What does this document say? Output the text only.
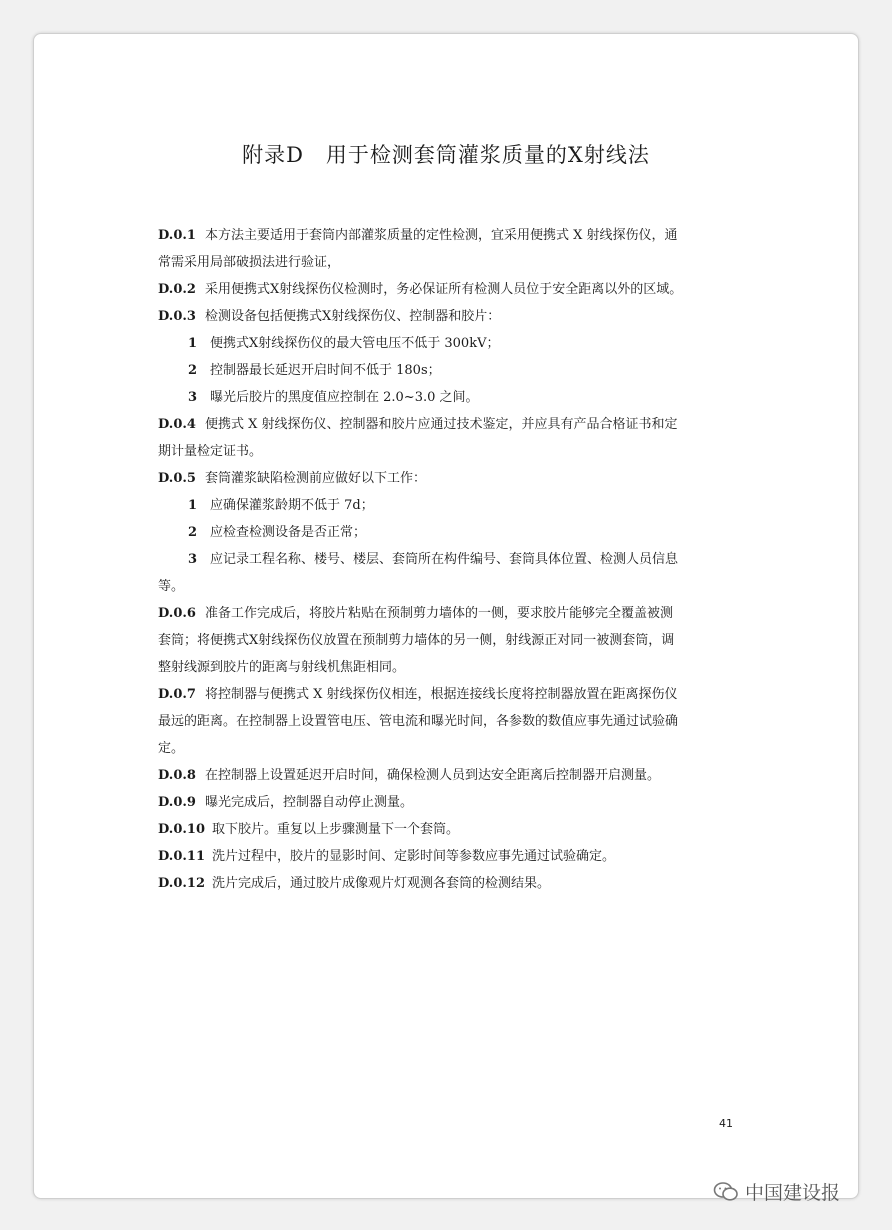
附录D　用于检测套筒灌浆质量的X射线法

D.0.1 本方法主要适用于套筒内部灌浆质量的定性检测，宜采用便携式 X 射线探伤仪，通

常需采用局部破损法进行验证，

D.0.2 采用便携式X射线探伤仪检测时，务必保证所有检测人员位于安全距离以外的区域。

D.0.3 检测设备包括便携式X射线探伤仪、控制器和胶片：

1 便携式X射线探伤仪的最大管电压不低于 300kV；

2 控制器最长延迟开启时间不低于 180s；

3 曝光后胶片的黑度值应控制在 2.0~3.0 之间。

D.0.4 便携式 X 射线探伤仪、控制器和胶片应通过技术鉴定，并应具有产品合格证书和定

期计量检定证书。

D.0.5 套筒灌浆缺陷检测前应做好以下工作：

1 应确保灌浆龄期不低于 7d；

2 应检查检测设备是否正常；

3 应记录工程名称、楼号、楼层、套筒所在构件编号、套筒具体位置、检测人员信息

等。

D.0.6 准备工作完成后，将胶片粘贴在预制剪力墙体的一侧，要求胶片能够完全覆盖被测

套筒；将便携式X射线探伤仪放置在预制剪力墙体的另一侧，射线源正对同一被测套筒，调

整射线源到胶片的距离与射线机焦距相同。

D.0.7 将控制器与便携式 X 射线探伤仪相连，根据连接线长度将控制器放置在距离探伤仪

最远的距离。在控制器上设置管电压、管电流和曝光时间，各参数的数值应事先通过试验确

定。

D.0.8 在控制器上设置延迟开启时间，确保检测人员到达安全距离后控制器开启测量。

D.0.9 曝光完成后，控制器自动停止测量。

D.0.10 取下胶片。重复以上步骤测量下一个套筒。

D.0.11 洗片过程中，胶片的显影时间、定影时间等参数应事先通过试验确定。

D.0.12 洗片完成后，通过胶片成像观片灯观测各套筒的检测结果。

41
中国建设报
